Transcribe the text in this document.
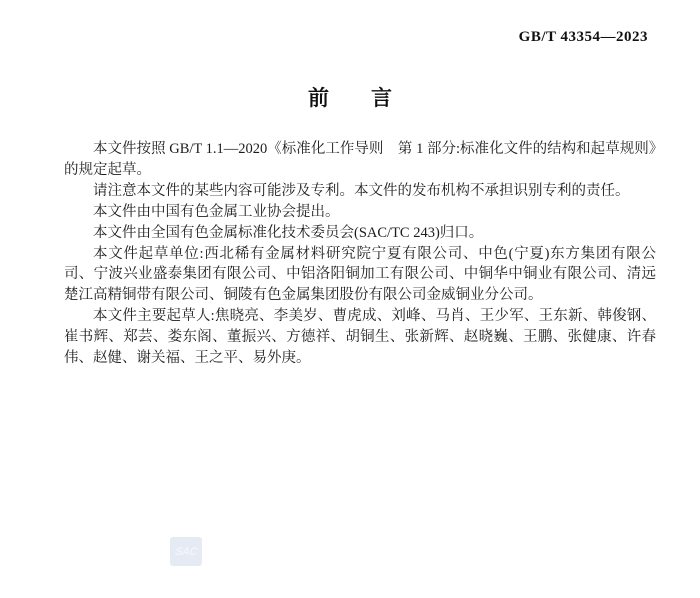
GB/T 43354—2023
前　　言

本文件按照 GB/T 1.1—2020《标准化工作导则　第 1 部分:标准化文件的结构和起草规则》的规定起草。

请注意本文件的某些内容可能涉及专利。本文件的发布机构不承担识别专利的责任。

本文件由中国有色金属工业协会提出。

本文件由全国有色金属标准化技术委员会(SAC/TC 243)归口。

本文件起草单位:西北稀有金属材料研究院宁夏有限公司、中色(宁夏)东方集团有限公司、宁波兴业盛泰集团有限公司、中铝洛阳铜加工有限公司、中铜华中铜业有限公司、清远楚江高精铜带有限公司、铜陵有色金属集团股份有限公司金威铜业分公司。

本文件主要起草人:焦晓亮、李美岁、曹虎成、刘峰、马肖、王少军、王东新、韩俊钢、崔书辉、郑芸、娄东阁、董振兴、方德祥、胡铜生、张新辉、赵晓巍、王鹏、张健康、许春伟、赵健、谢关福、王之平、易外庚。

SAC
